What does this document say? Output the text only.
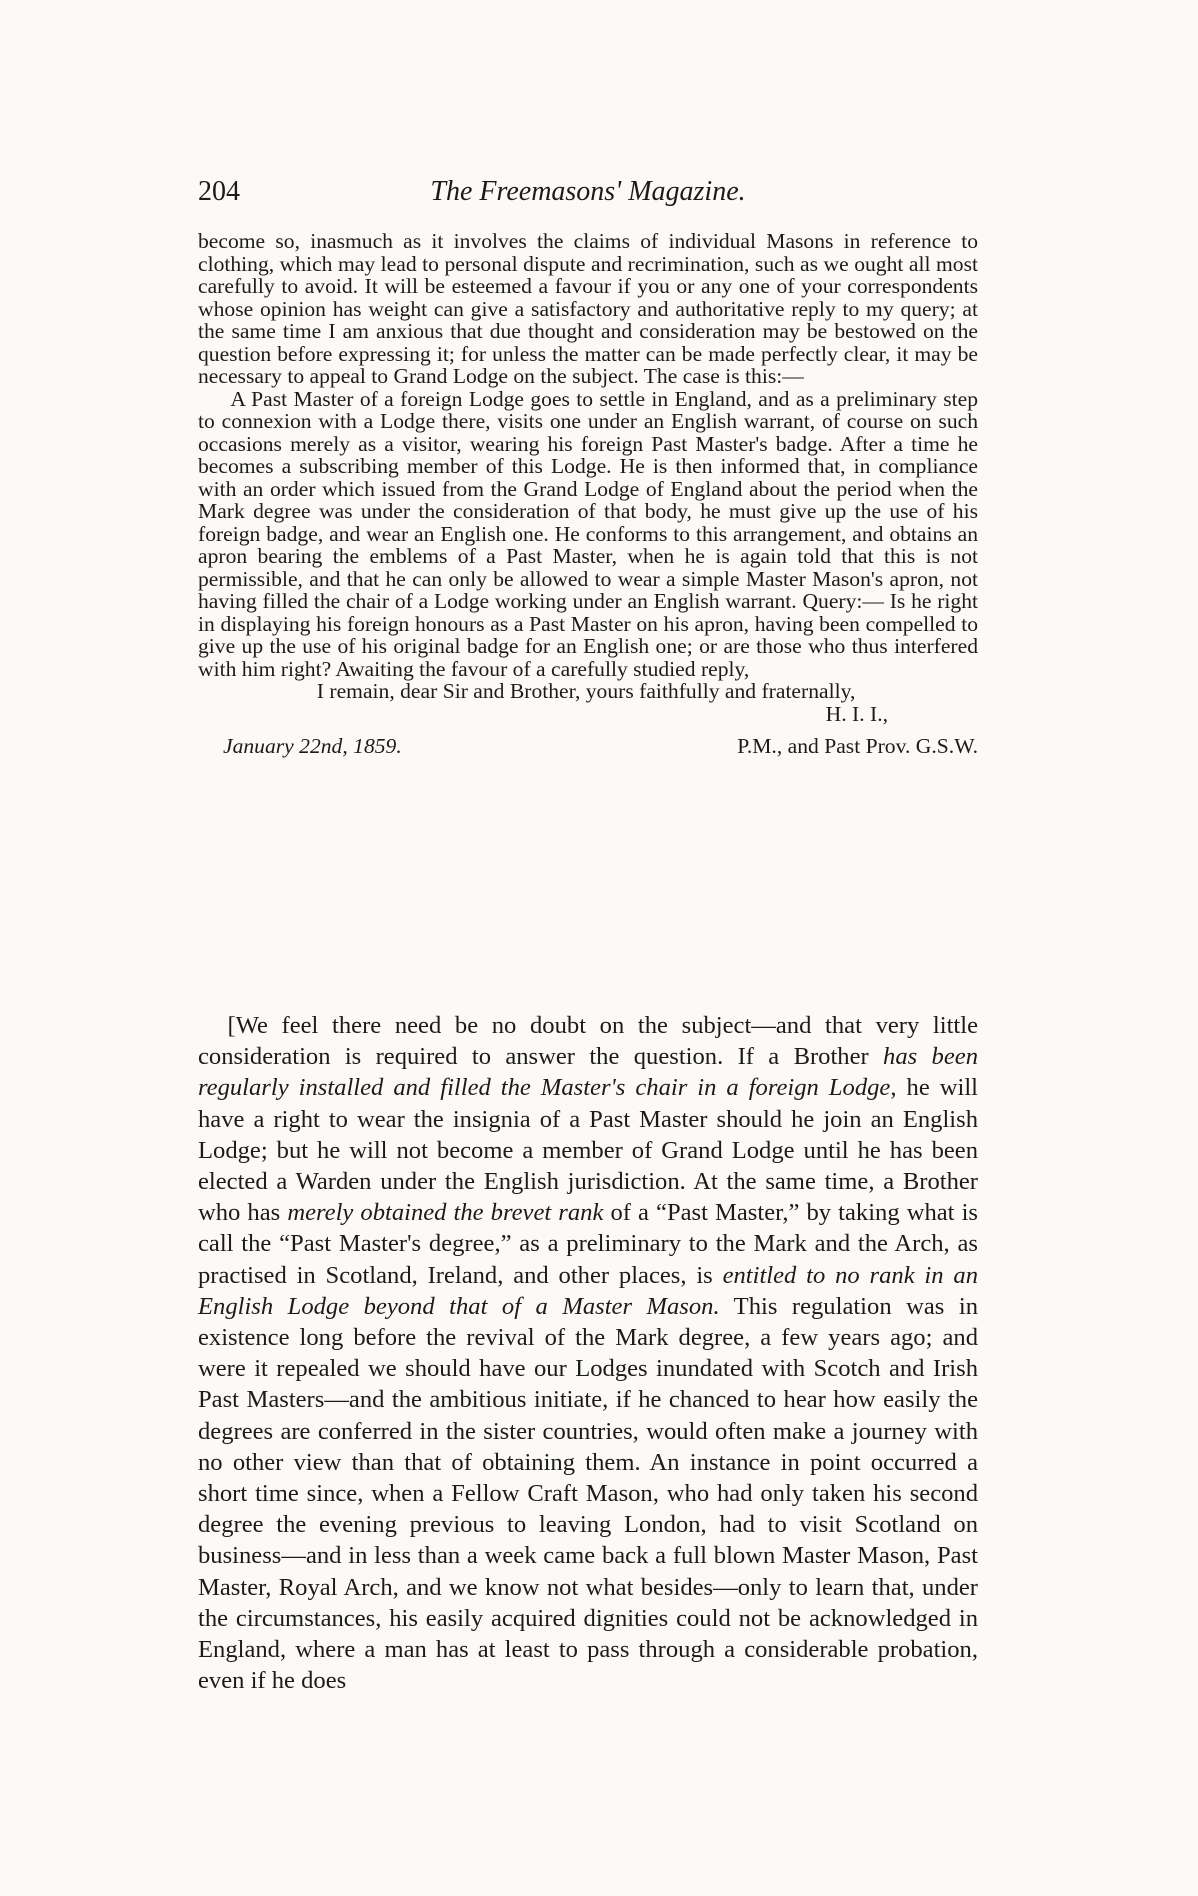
204	The Freemasons' Magazine.

become so, inasmuch as it involves the claims of individual Masons in reference to clothing, which may lead to personal dispute and recrimination, such as we ought all most carefully to avoid. It will be esteemed a favour if you or any one of your correspondents whose opinion has weight can give a satisfactory and authoritative reply to my query; at the same time I am anxious that due thought and consideration may be bestowed on the question before expressing it; for unless the matter can be made perfectly clear, it may be necessary to appeal to Grand Lodge on the subject. The case is this:—

A Past Master of a foreign Lodge goes to settle in England, and as a preliminary step to connexion with a Lodge there, visits one under an English warrant, of course on such occasions merely as a visitor, wearing his foreign Past Master's badge. After a time he becomes a subscribing member of this Lodge. He is then informed that, in compliance with an order which issued from the Grand Lodge of England about the period when the Mark degree was under the consideration of that body, he must give up the use of his foreign badge, and wear an English one. He conforms to this arrangement, and obtains an apron bearing the emblems of a Past Master, when he is again told that this is not permissible, and that he can only be allowed to wear a simple Master Mason's apron, not having filled the chair of a Lodge working under an English warrant. Query:— Is he right in displaying his foreign honours as a Past Master on his apron, having been compelled to give up the use of his original badge for an English one; or are those who thus interfered with him right? Awaiting the favour of a carefully studied reply,

I remain, dear Sir and Brother, yours faithfully and fraternally,

H. I. I.,

January 22nd, 1859.	P.M., and Past Prov. G.S.W.

[We feel there need be no doubt on the subject—and that very little consideration is required to answer the question. If a Brother has been regularly installed and filled the Master's chair in a foreign Lodge, he will have a right to wear the insignia of a Past Master should he join an English Lodge; but he will not become a member of Grand Lodge until he has been elected a Warden under the English jurisdiction. At the same time, a Brother who has merely obtained the brevet rank of a “Past Master,” by taking what is call the “Past Master's degree,” as a preliminary to the Mark and the Arch, as practised in Scotland, Ireland, and other places, is entitled to no rank in an English Lodge beyond that of a Master Mason. This regulation was in existence long before the revival of the Mark degree, a few years ago; and were it repealed we should have our Lodges inundated with Scotch and Irish Past Masters—and the ambitious initiate, if he chanced to hear how easily the degrees are conferred in the sister countries, would often make a journey with no other view than that of obtaining them. An instance in point occurred a short time since, when a Fellow Craft Mason, who had only taken his second degree the evening previous to leaving London, had to visit Scotland on business—and in less than a week came back a full blown Master Mason, Past Master, Royal Arch, and we know not what besides—only to learn that, under the circumstances, his easily acquired dignities could not be acknowledged in England, where a man has at least to pass through a considerable probation, even if he does
